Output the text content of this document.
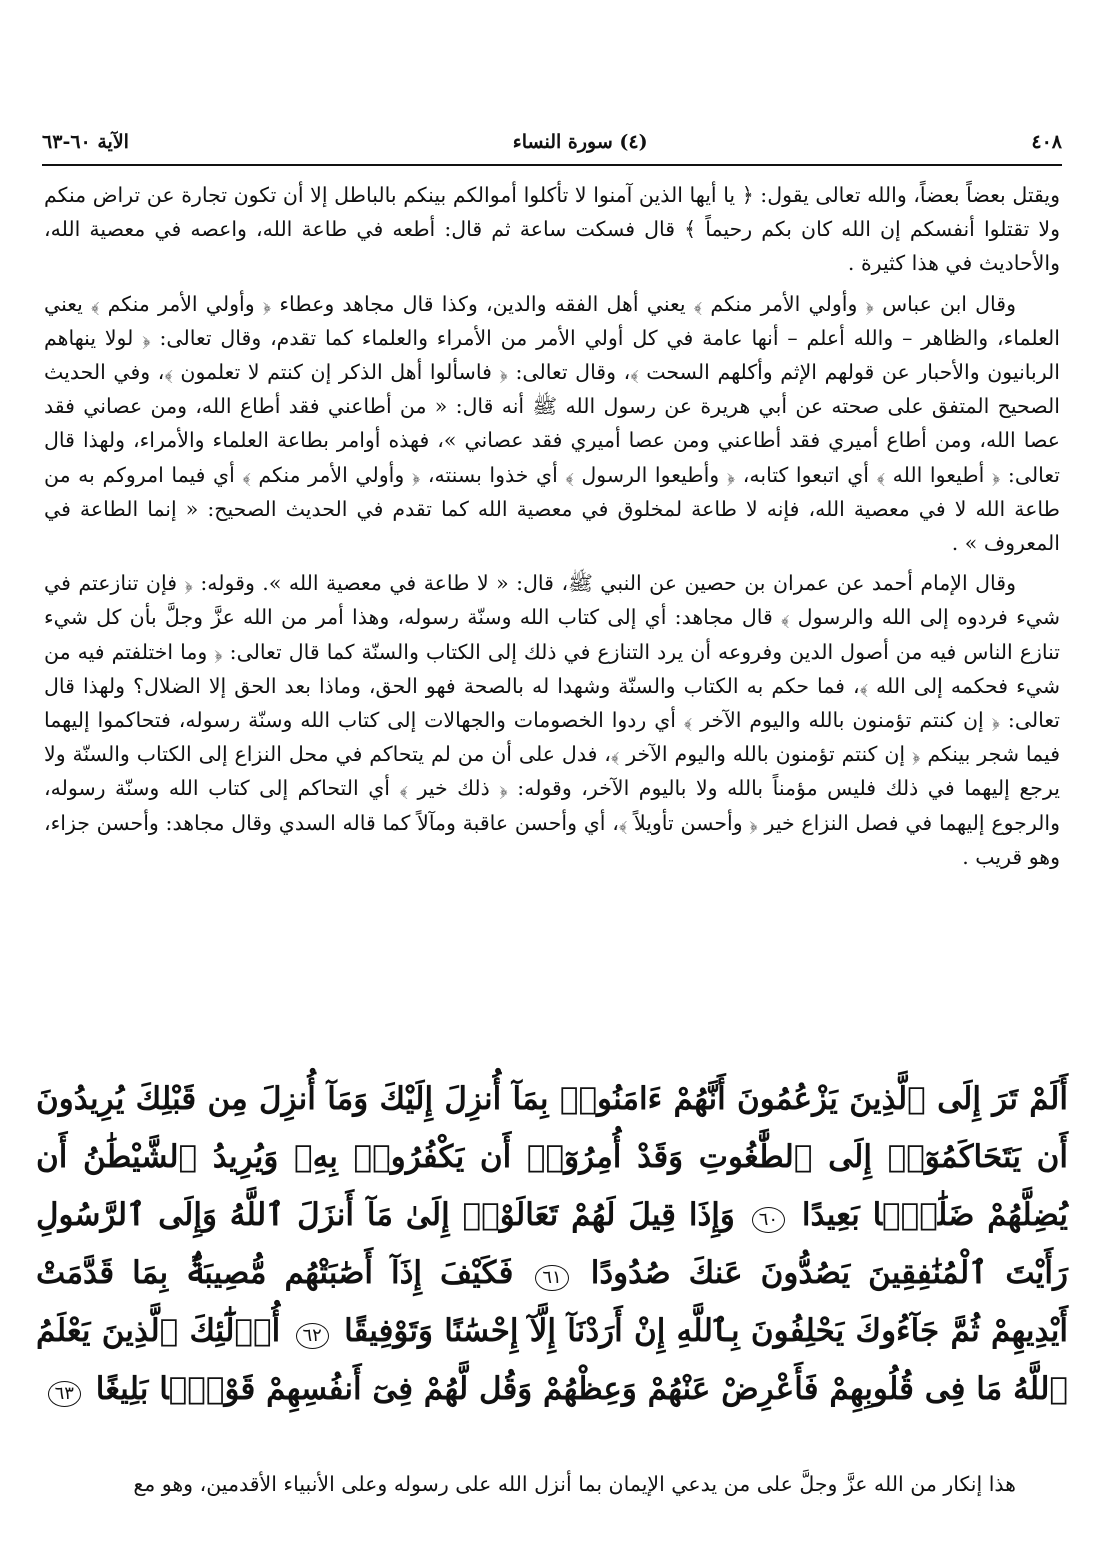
٤٠٨
(٤) سورة النساء
الآية ٦٠-٦٣

ويقتل بعضاً بعضاً، والله تعالى يقول: ﴿ يا أيها الذين آمنوا لا تأكلوا أموالكم بينكم بالباطل إلا أن تكون تجارة عن تراض منكم ولا تقتلوا أنفسكم إن الله كان بكم رحيماً ﴾ قال فسكت ساعة ثم قال: أطعه في طاعة الله، واعصه في معصية الله، والأحاديث في هذا كثيرة .

وقال ابن عباس ﴿ وأولي الأمر منكم ﴾ يعني أهل الفقه والدين، وكذا قال مجاهد وعطاء ﴿ وأولي الأمر منكم ﴾ يعني العلماء، والظاهر – والله أعلم – أنها عامة في كل أولي الأمر من الأمراء والعلماء كما تقدم، وقال تعالى: ﴿ لولا ينهاهم الربانيون والأحبار عن قولهم الإثم وأكلهم السحت ﴾، وقال تعالى: ﴿ فاسألوا أهل الذكر إن كنتم لا تعلمون ﴾، وفي الحديث الصحيح المتفق على صحته عن أبي هريرة عن رسول الله ﷺ أنه قال: « من أطاعني فقد أطاع الله، ومن عصاني فقد عصا الله، ومن أطاع أميري فقد أطاعني ومن عصا أميري فقد عصاني »، فهذه أوامر بطاعة العلماء والأمراء، ولهذا قال تعالى: ﴿ أطيعوا الله ﴾ أي اتبعوا كتابه، ﴿ وأطيعوا الرسول ﴾ أي خذوا بسنته، ﴿ وأولي الأمر منكم ﴾ أي فيما امروكم به من طاعة الله لا في معصية الله، فإنه لا طاعة لمخلوق في معصية الله كما تقدم في الحديث الصحيح: « إنما الطاعة في المعروف » .

وقال الإمام أحمد عن عمران بن حصين عن النبي ﷺ، قال: « لا طاعة في معصية الله ». وقوله: ﴿ فإن تنازعتم في شيء فردوه إلى الله والرسول ﴾ قال مجاهد: أي إلى كتاب الله وسنّة رسوله، وهذا أمر من الله عزَّ وجلَّ بأن كل شيء تنازع الناس فيه من أصول الدين وفروعه أن يرد التنازع في ذلك إلى الكتاب والسنّة كما قال تعالى: ﴿ وما اختلفتم فيه من شيء فحكمه إلى الله ﴾، فما حكم به الكتاب والسنّة وشهدا له بالصحة فهو الحق، وماذا بعد الحق إلا الضلال؟ ولهذا قال تعالى: ﴿ إن كنتم تؤمنون بالله واليوم الآخر ﴾ أي ردوا الخصومات والجهالات إلى كتاب الله وسنّة رسوله، فتحاكموا إليهما فيما شجر بينكم ﴿ إن كنتم تؤمنون بالله واليوم الآخر ﴾، فدل على أن من لم يتحاكم في محل النزاع إلى الكتاب والسنّة ولا يرجع إليهما في ذلك فليس مؤمناً بالله ولا باليوم الآخر، وقوله: ﴿ ذلك خير ﴾ أي التحاكم إلى كتاب الله وسنّة رسوله، والرجوع إليهما في فصل النزاع خير ﴿ وأحسن تأويلاً ﴾، أي وأحسن عاقبة ومآلاً كما قاله السدي وقال مجاهد: وأحسن جزاء، وهو قريب .

أَلَمْ تَرَ إِلَى ٱلَّذِينَ يَزْعُمُونَ أَنَّهُمْ ءَامَنُوا۟ بِمَآ أُنزِلَ إِلَيْكَ وَمَآ أُنزِلَ مِن قَبْلِكَ يُرِيدُونَ أَن يَتَحَاكَمُوٓا۟ إِلَى ٱلطَّٰغُوتِ وَقَدْ أُمِرُوٓا۟ أَن يَكْفُرُوا۟ بِهِۦ وَيُرِيدُ ٱلشَّيْطَٰنُ أَن يُضِلَّهُمْ ضَلَٰلًۢا بَعِيدًا ٦٠ وَإِذَا قِيلَ لَهُمْ تَعَالَوْا۟ إِلَىٰ مَآ أَنزَلَ ٱللَّهُ وَإِلَى ٱلرَّسُولِ رَأَيْتَ ٱلْمُنَٰفِقِينَ يَصُدُّونَ عَنكَ صُدُودًا ٦١ فَكَيْفَ إِذَآ أَصَٰبَتْهُم مُّصِيبَةٌۢ بِمَا قَدَّمَتْ أَيْدِيهِمْ ثُمَّ جَآءُوكَ يَحْلِفُونَ بِٱللَّهِ إِنْ أَرَدْنَآ إِلَّآ إِحْسَٰنًا وَتَوْفِيقًا ٦٢ أُو۟لَٰٓئِكَ ٱلَّذِينَ يَعْلَمُ ٱللَّهُ مَا فِى قُلُوبِهِمْ فَأَعْرِضْ عَنْهُمْ وَعِظْهُمْ وَقُل لَّهُمْ فِىٓ أَنفُسِهِمْ قَوْلًۢا بَلِيغًا ٦٣

هذا إنكار من الله عزَّ وجلَّ على من يدعي الإيمان بما أنزل الله على رسوله وعلى الأنبياء الأقدمين، وهو مع
